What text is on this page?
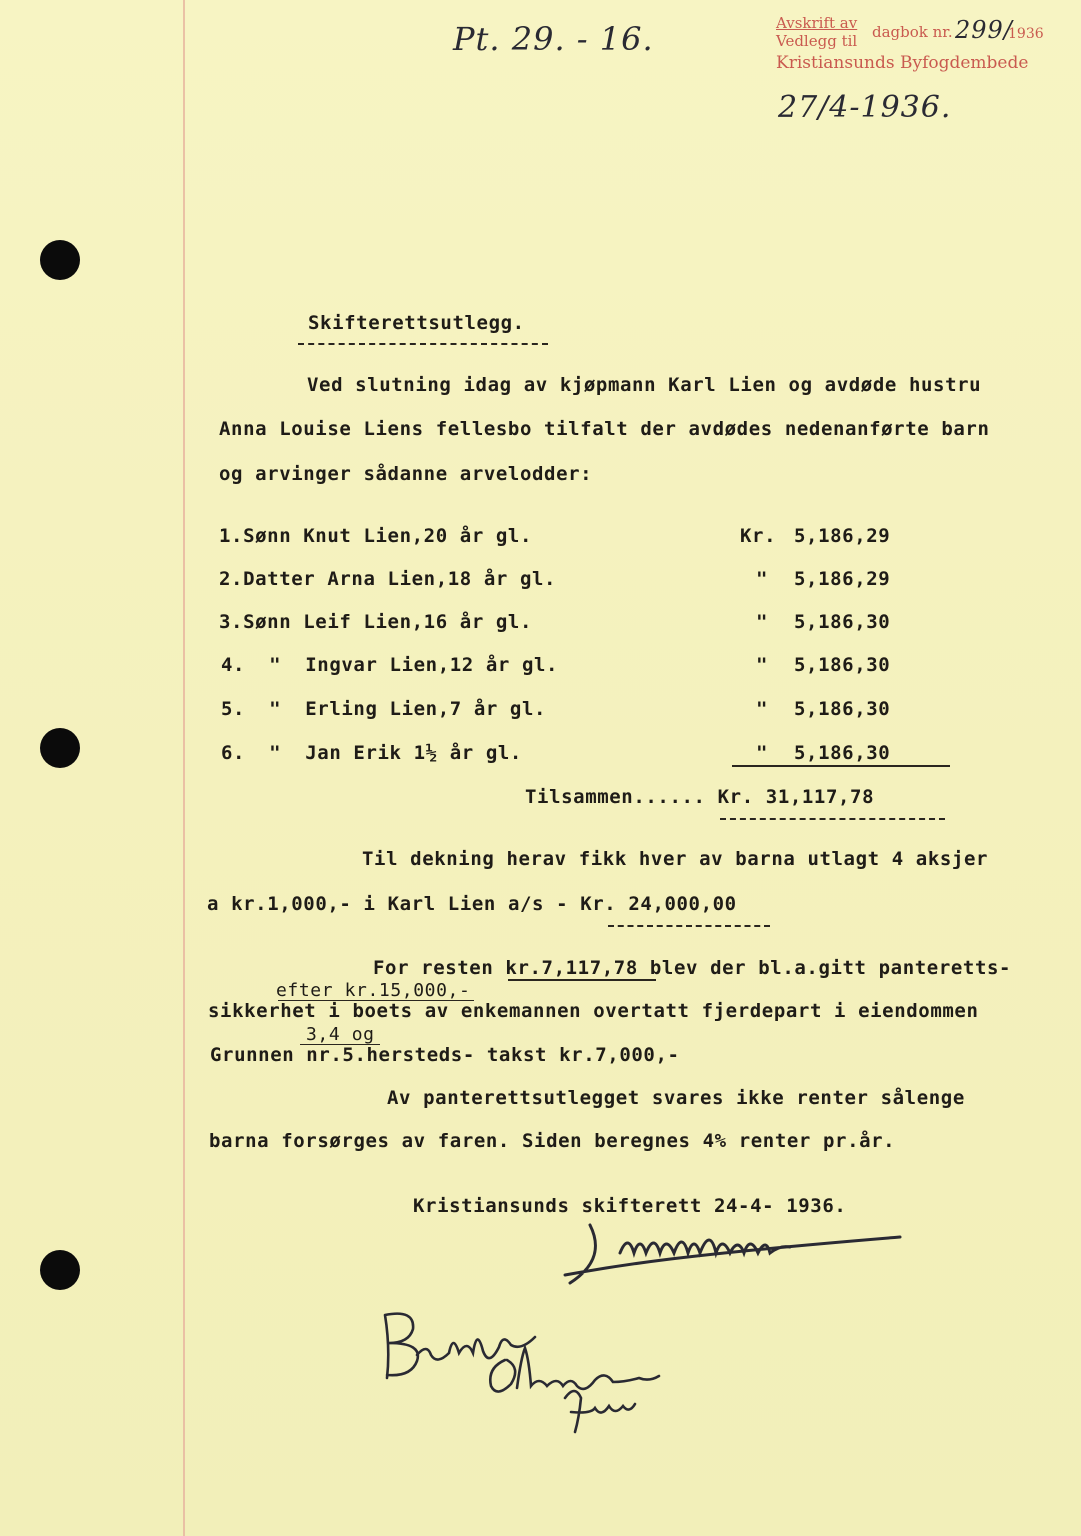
Pt. 29. - 16.	Avskrift av
Vedlegg til dagbok nr. 299/
1936
Kristiansunds Byfogdembede
27/4-1936.
Skifterettsutlegg.
Ved slutning idag av kjøpmann Karl Lien og avdøde hustru
Anna Louise Liens fellesbo tilfalt der avdødes nedenanførte barn
og arvinger sådanne arvelodder:
1.Sønn Knut Lien,20 år gl.	Kr. 5,186,29
2.Datter Arna Lien,18 år gl.	" 5,186,29
3.Sønn Leif Lien,16 år gl.	" 5,186,30
4.  "  Ingvar Lien,12 år gl.	" 5,186,30
5.  "  Erling Lien,7 år gl.	" 5,186,30
6.  "  Jan Erik 1½ år gl.	" 5,186,30
Tilsammen...... Kr. 31,117,78
Til dekning herav fikk hver av barna utlagt 4 aksjer
a kr.1,000,- i Karl Lien a/s - Kr. 24,000,00
For resten kr.7,117,78 blev der bl.a.gitt panteretts-
efter kr.15,000,-
sikkerhet i boets av enkemannen overtatt fjerdepart i eiendommen
3,4 og
Grunnen nr.5.hersteds- takst kr.7,000,-
Av panterettsutlegget svares ikke renter sålenge
barna forsørges av faren. Siden beregnes 4% renter pr.år.
Kristiansunds skifterett 24-4- 1936.
